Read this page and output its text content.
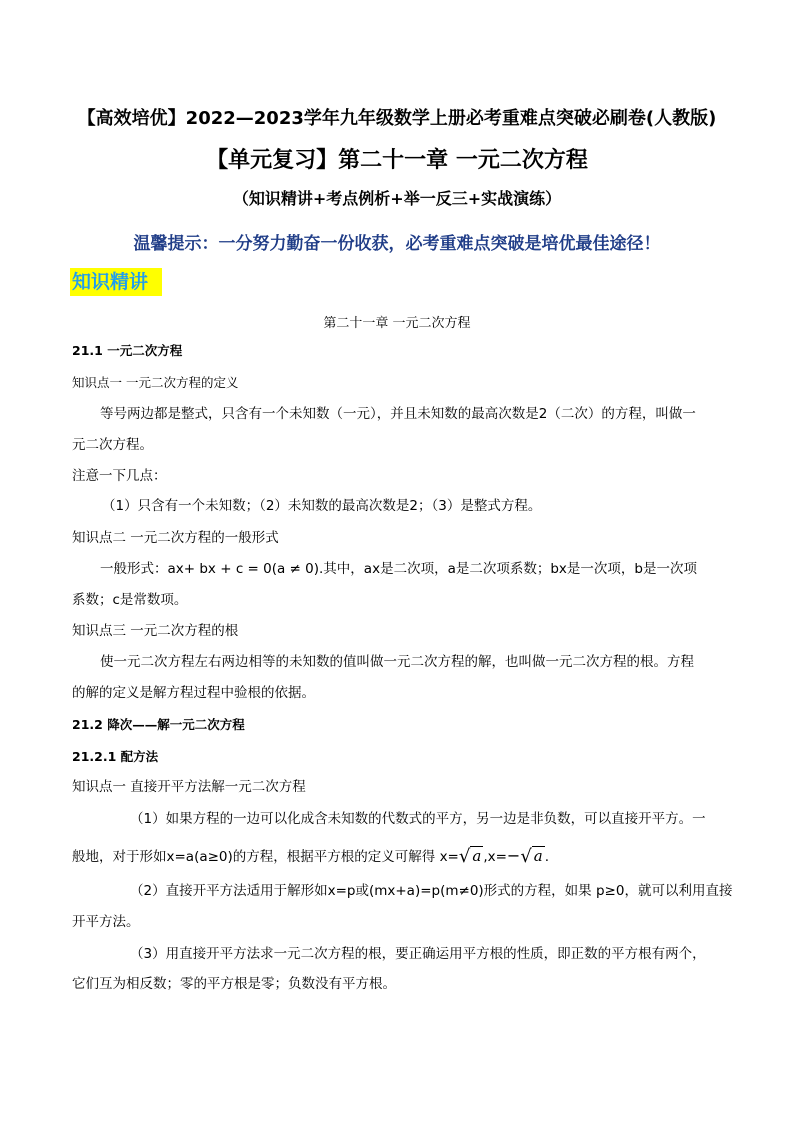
【高效培优】2022—2023学年九年级数学上册必考重难点突破必刷卷(人教版)
【单元复习】第二十一章 一元二次方程
（知识精讲+考点例析+举一反三+实战演练）
温馨提示：一分努力勤奋一份收获，必考重难点突破是培优最佳途径！
知识精讲
第二十一章 一元二次方程
21.1 一元二次方程
知识点一 一元二次方程的定义
等号两边都是整式，只含有一个未知数（一元），并且未知数的最高次数是2（二次）的方程，叫做一
元二次方程。
注意一下几点：
（1）只含有一个未知数；（2）未知数的最高次数是2；（3）是整式方程。
知识点二 一元二次方程的一般形式
一般形式：ax+ bx + c = 0(a ≠ 0).其中，ax是二次项，a是二次项系数；bx是一次项，b是一次项
系数；c是常数项。
知识点三 一元二次方程的根
使一元二次方程左右两边相等的未知数的值叫做一元二次方程的解，也叫做一元二次方程的根。方程
的解的定义是解方程过程中验根的依据。
21.2 降次——解一元二次方程
21.2.1 配方法
知识点一 直接开平方法解一元二次方程
（1）如果方程的一边可以化成含未知数的代数式的平方，另一边是非负数，可以直接开平方。一
般地，对于形如x=a(a≥0)的方程，根据平方根的定义可解得 x=√ a ,x=−√ a .
（2）直接开平方法适用于解形如x=p或(mx+a)=p(m≠0)形式的方程，如果 p≥0，就可以利用直接
开平方法。
（3）用直接开平方法求一元二次方程的根，要正确运用平方根的性质，即正数的平方根有两个，
它们互为相反数；零的平方根是零；负数没有平方根。
